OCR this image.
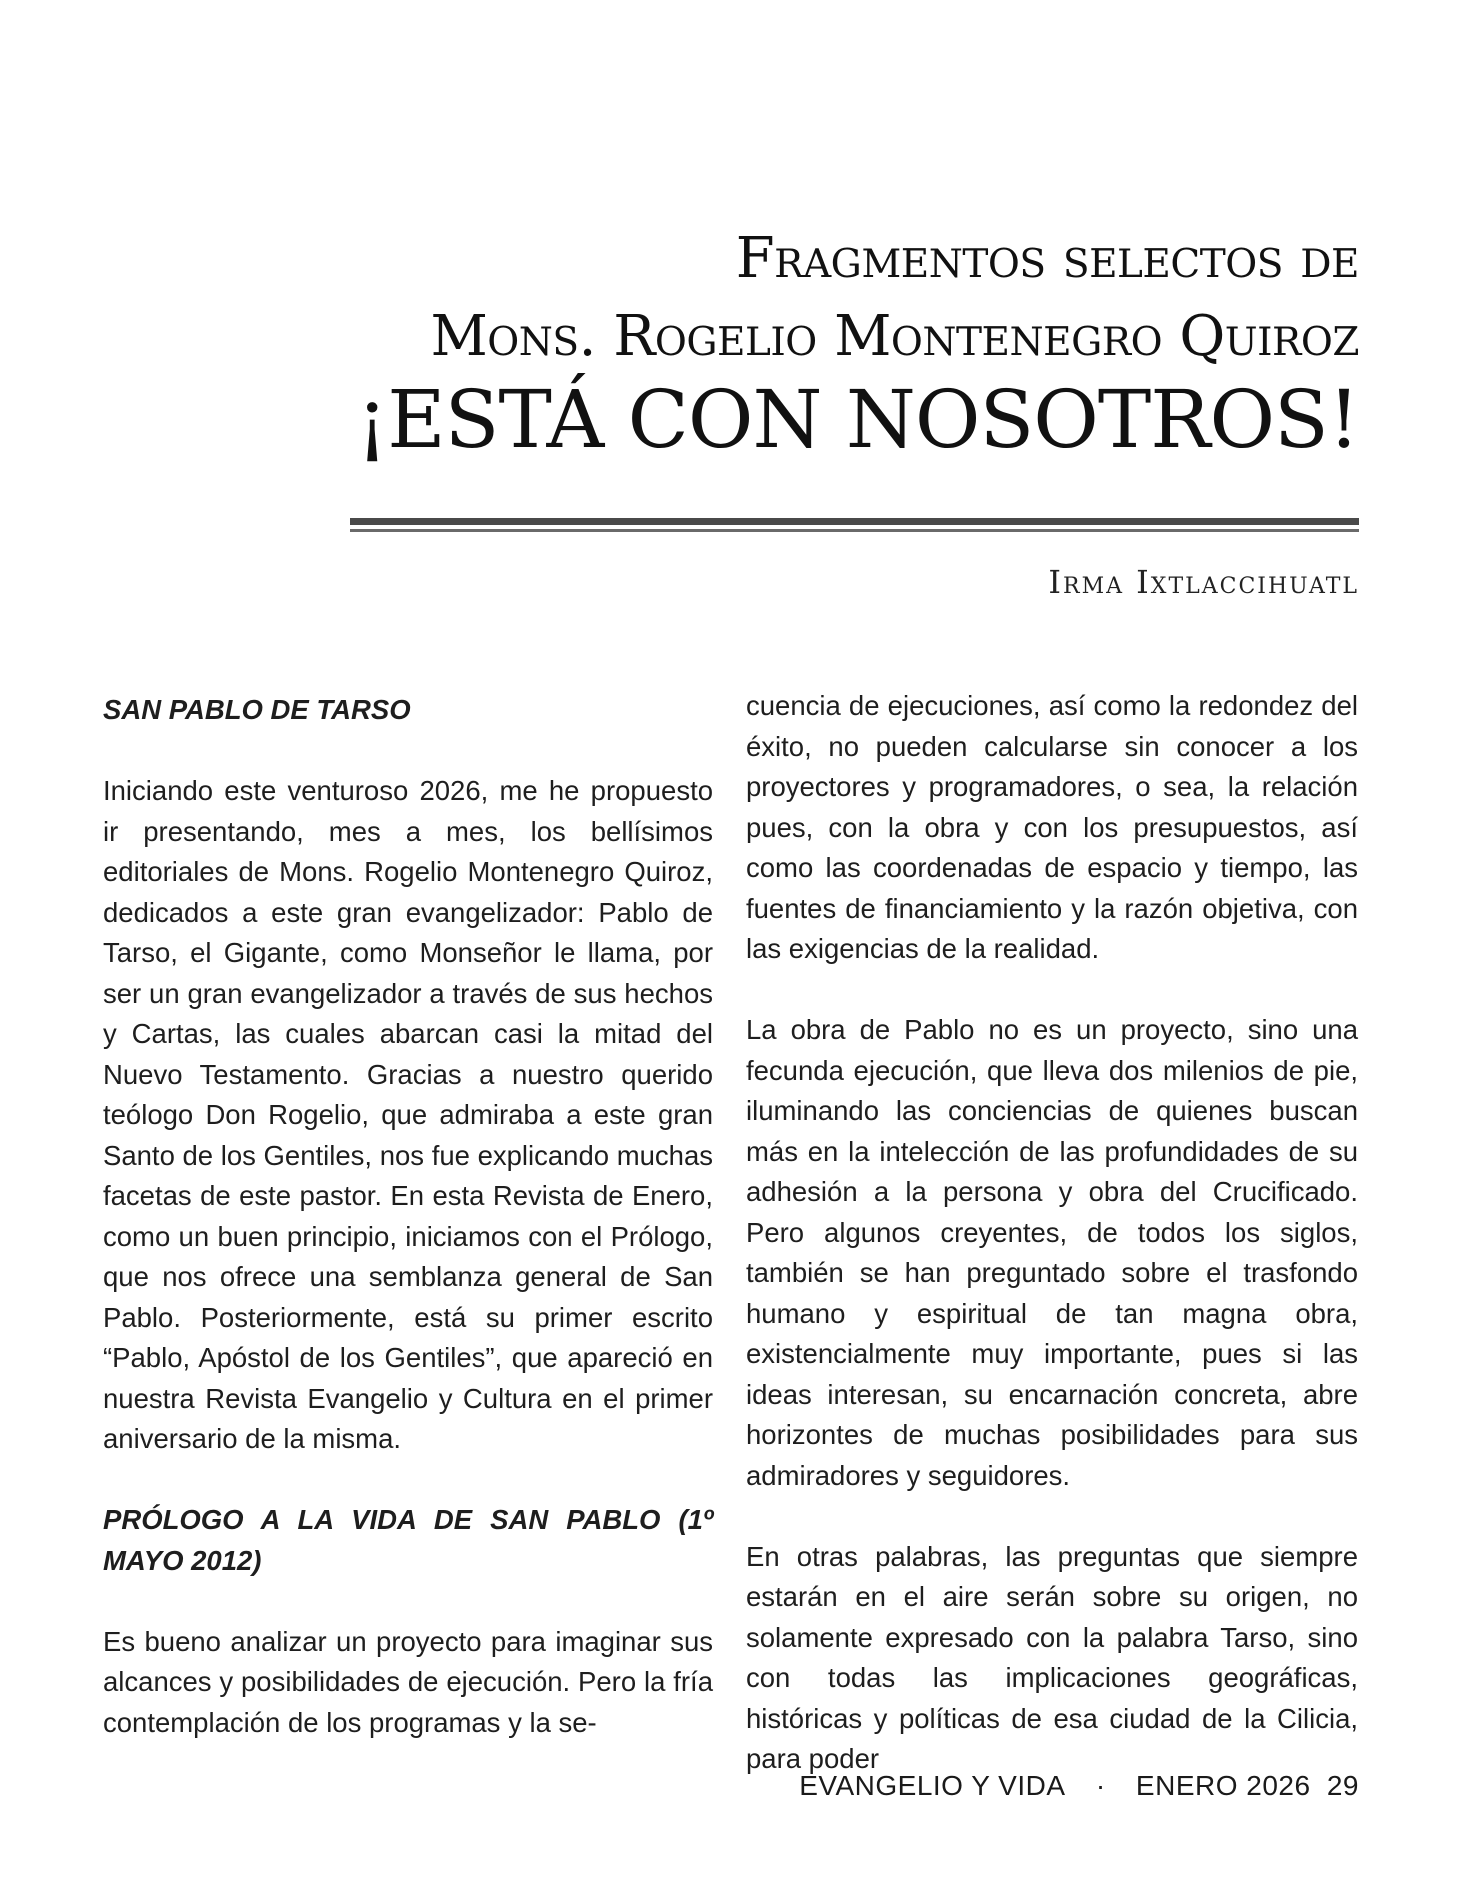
Fragmentos selectos de
Mons. Rogelio Montenegro Quiroz
¡ESTÁ CON NOSOTROS!
Irma Ixtlaccihuatl

SAN PABLO DE TARSO

Iniciando este venturoso 2026, me he propuesto ir presentando, mes a mes, los bellísimos editoriales de Mons. Rogelio Montenegro Quiroz, dedicados a este gran evangelizador: Pablo de Tarso, el Gigante, como Monseñor le llama, por ser un gran evangelizador a través de sus hechos y Cartas, las cuales abarcan casi la mitad del Nuevo Testamento. Gracias a nuestro querido teólogo Don Rogelio, que admiraba a este gran Santo de los Gentiles, nos fue explicando muchas facetas de este pastor. En esta Revista de Enero, como un buen principio, iniciamos con el Prólogo, que nos ofrece una semblanza general de San Pablo. Posteriormente, está su primer escrito “Pablo, Apóstol de los Gentiles”, que apareció en nuestra Revista Evangelio y Cultura en el primer aniversario de la misma.

PRÓLOGO A LA VIDA DE SAN PABLO (1º MAYO 2012)

Es bueno analizar un proyecto para imaginar sus alcances y posibilidades de ejecución. Pero la fría contemplación de los programas y la se-

cuencia de ejecuciones, así como la redondez del éxito, no pueden calcularse sin conocer a los proyectores y programadores, o sea, la relación pues, con la obra y con los presupuestos, así como las coordenadas de espacio y tiempo, las fuentes de financiamiento y la razón objetiva, con las exigencias de la realidad.

La obra de Pablo no es un proyecto, sino una fecunda ejecución, que lleva dos milenios de pie, iluminando las conciencias de quienes buscan más en la intelección de las profundidades de su adhesión a la persona y obra del Crucificado. Pero algunos creyentes, de todos los siglos, también se han preguntado sobre el trasfondo humano y espiritual de tan magna obra, existencialmente muy importante, pues si las ideas interesan, su encarnación concreta, abre horizontes de muchas posibilidades para sus admiradores y seguidores.

En otras palabras, las preguntas que siempre estarán en el aire serán sobre su origen, no solamente expresado con la palabra Tarso, sino con todas las implicaciones geográficas, históricas y políticas de esa ciudad de la Cilicia, para poder

EVANGELIO Y VIDA · ENERO 2026 29
